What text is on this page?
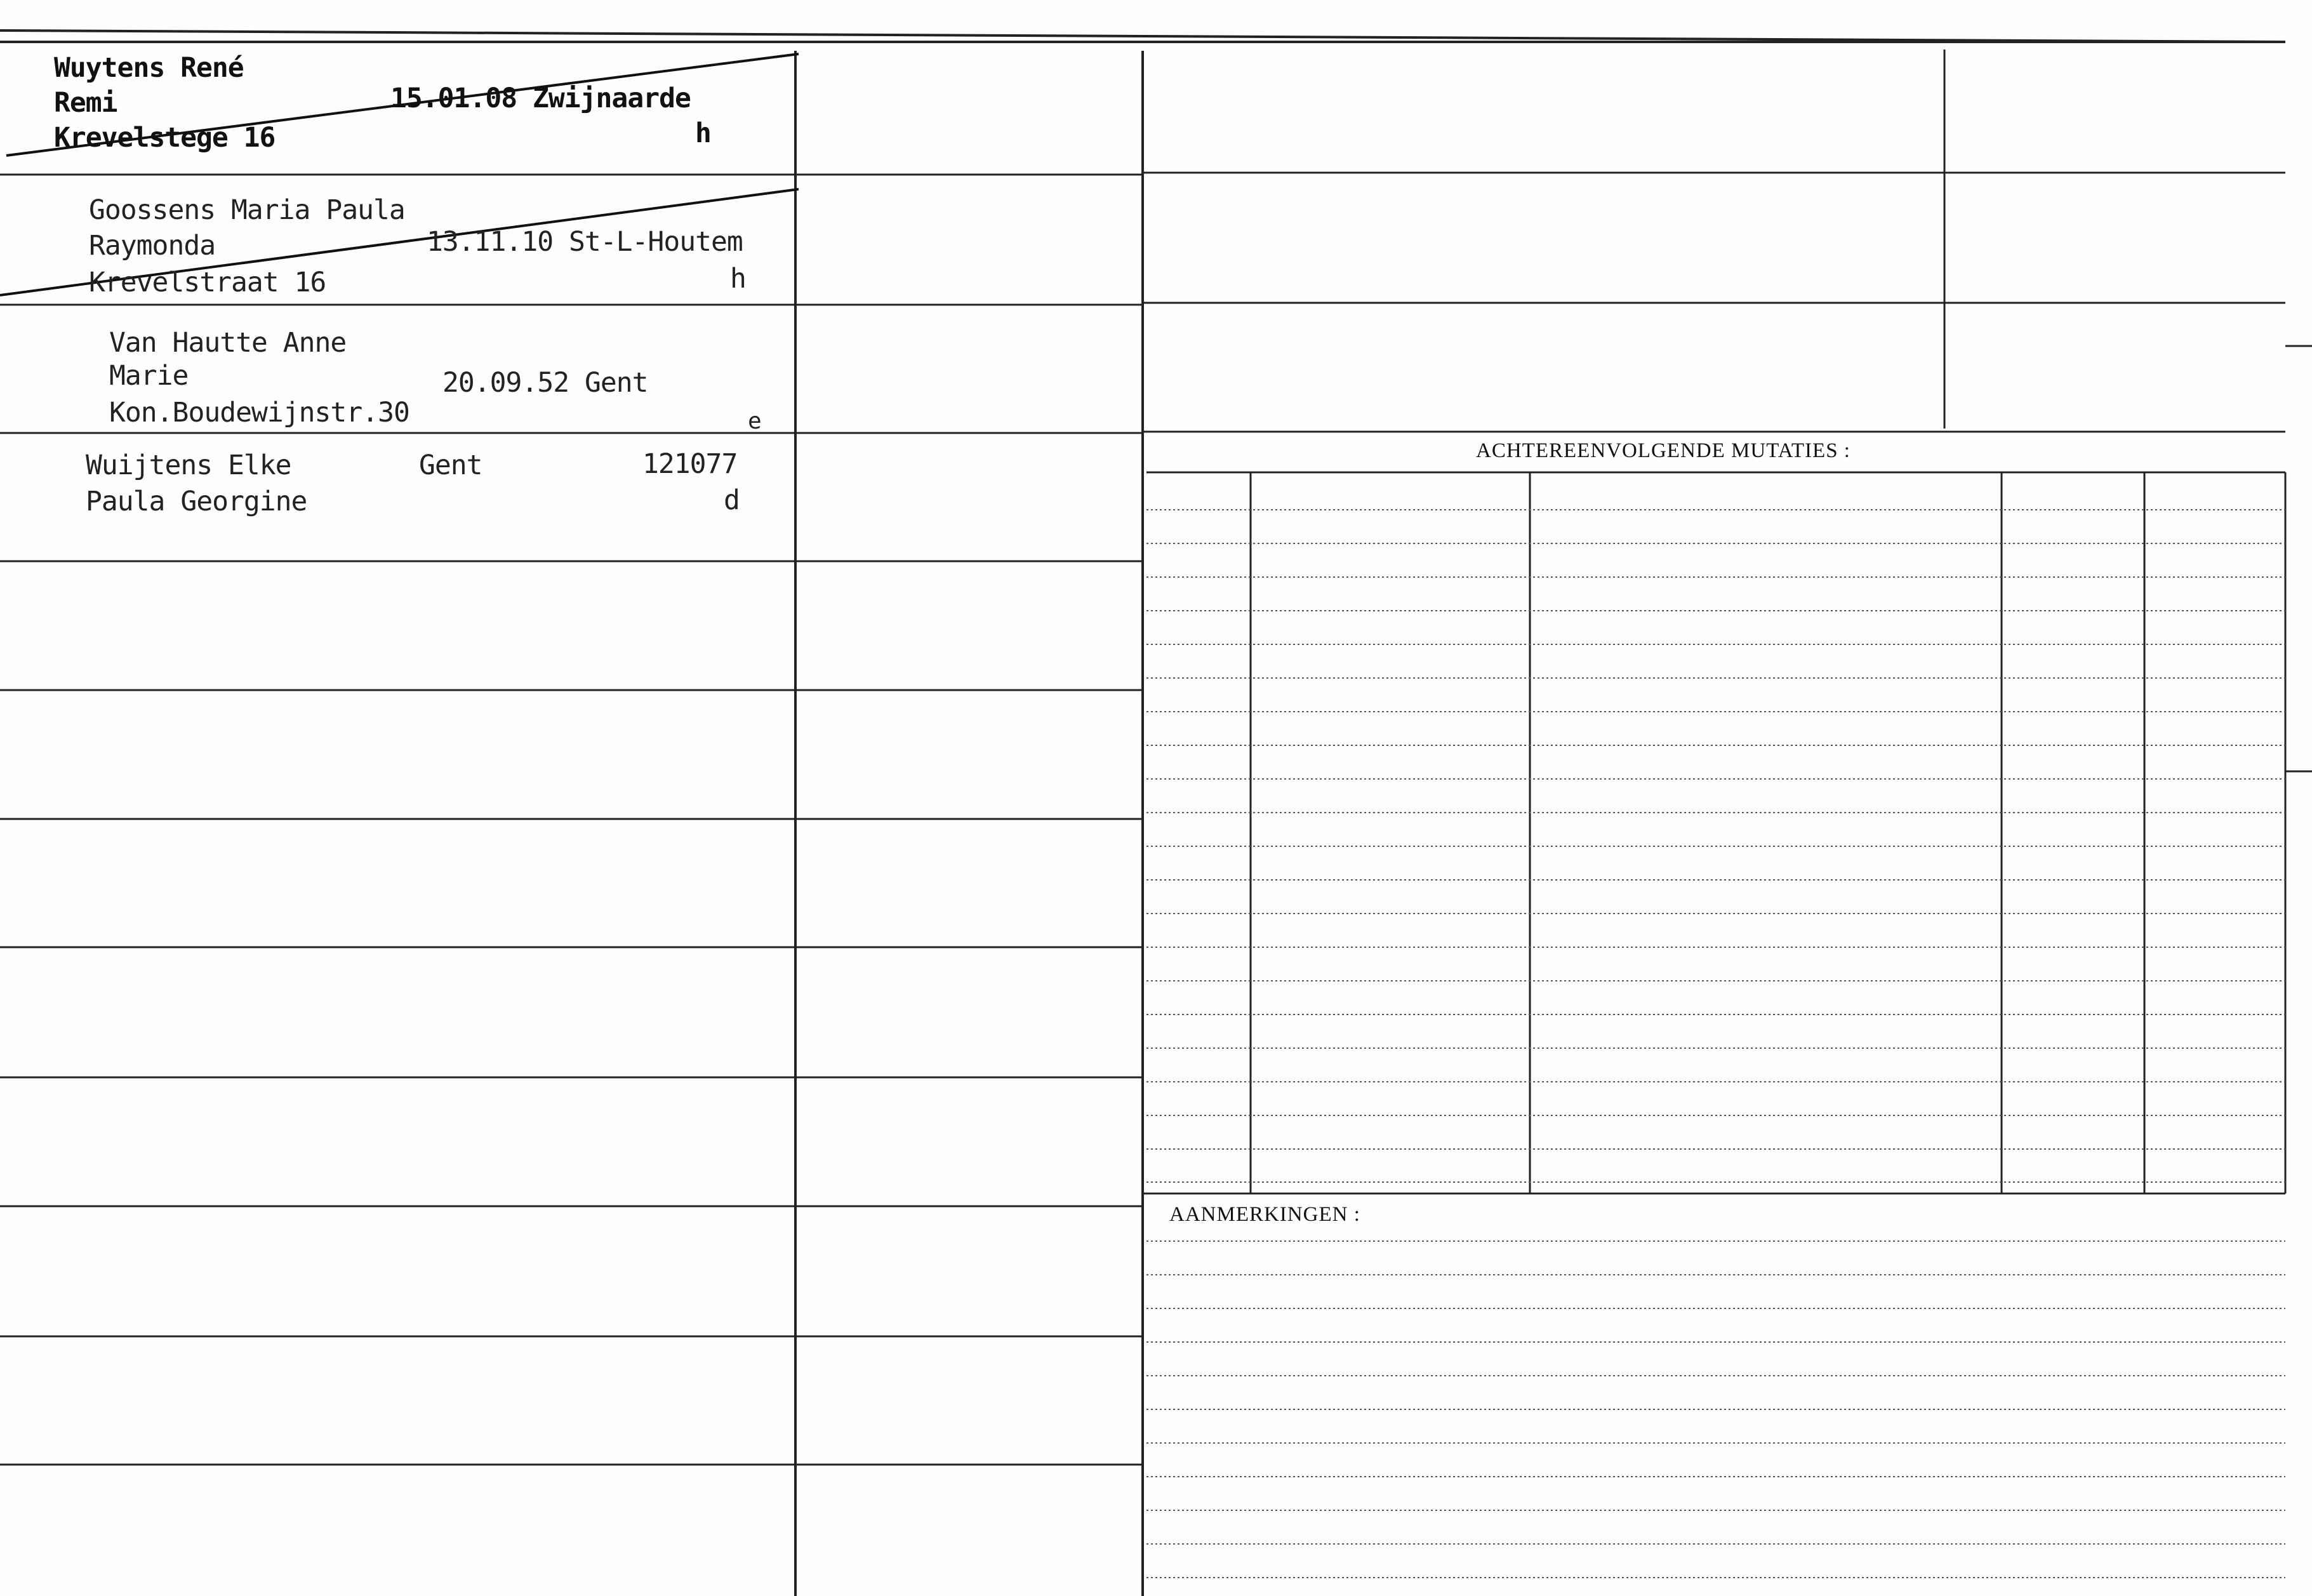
Wuytens René
Remi	15.01.08 Zwijnaarde
Krevelstege 16	h
Goossens Maria Paula
Raymonda	13.11.10 St-L-Houtem
Krevelstraat 16	h
Van Hautte Anne
Marie	20.09.52 Gent
Kon.Boudewijnstr.30	e
Wuijtens Elke	Gent	121077
Paula Georgine	d
ACHTEREENVOLGENDE MUTATIES :
AANMERKINGEN :
